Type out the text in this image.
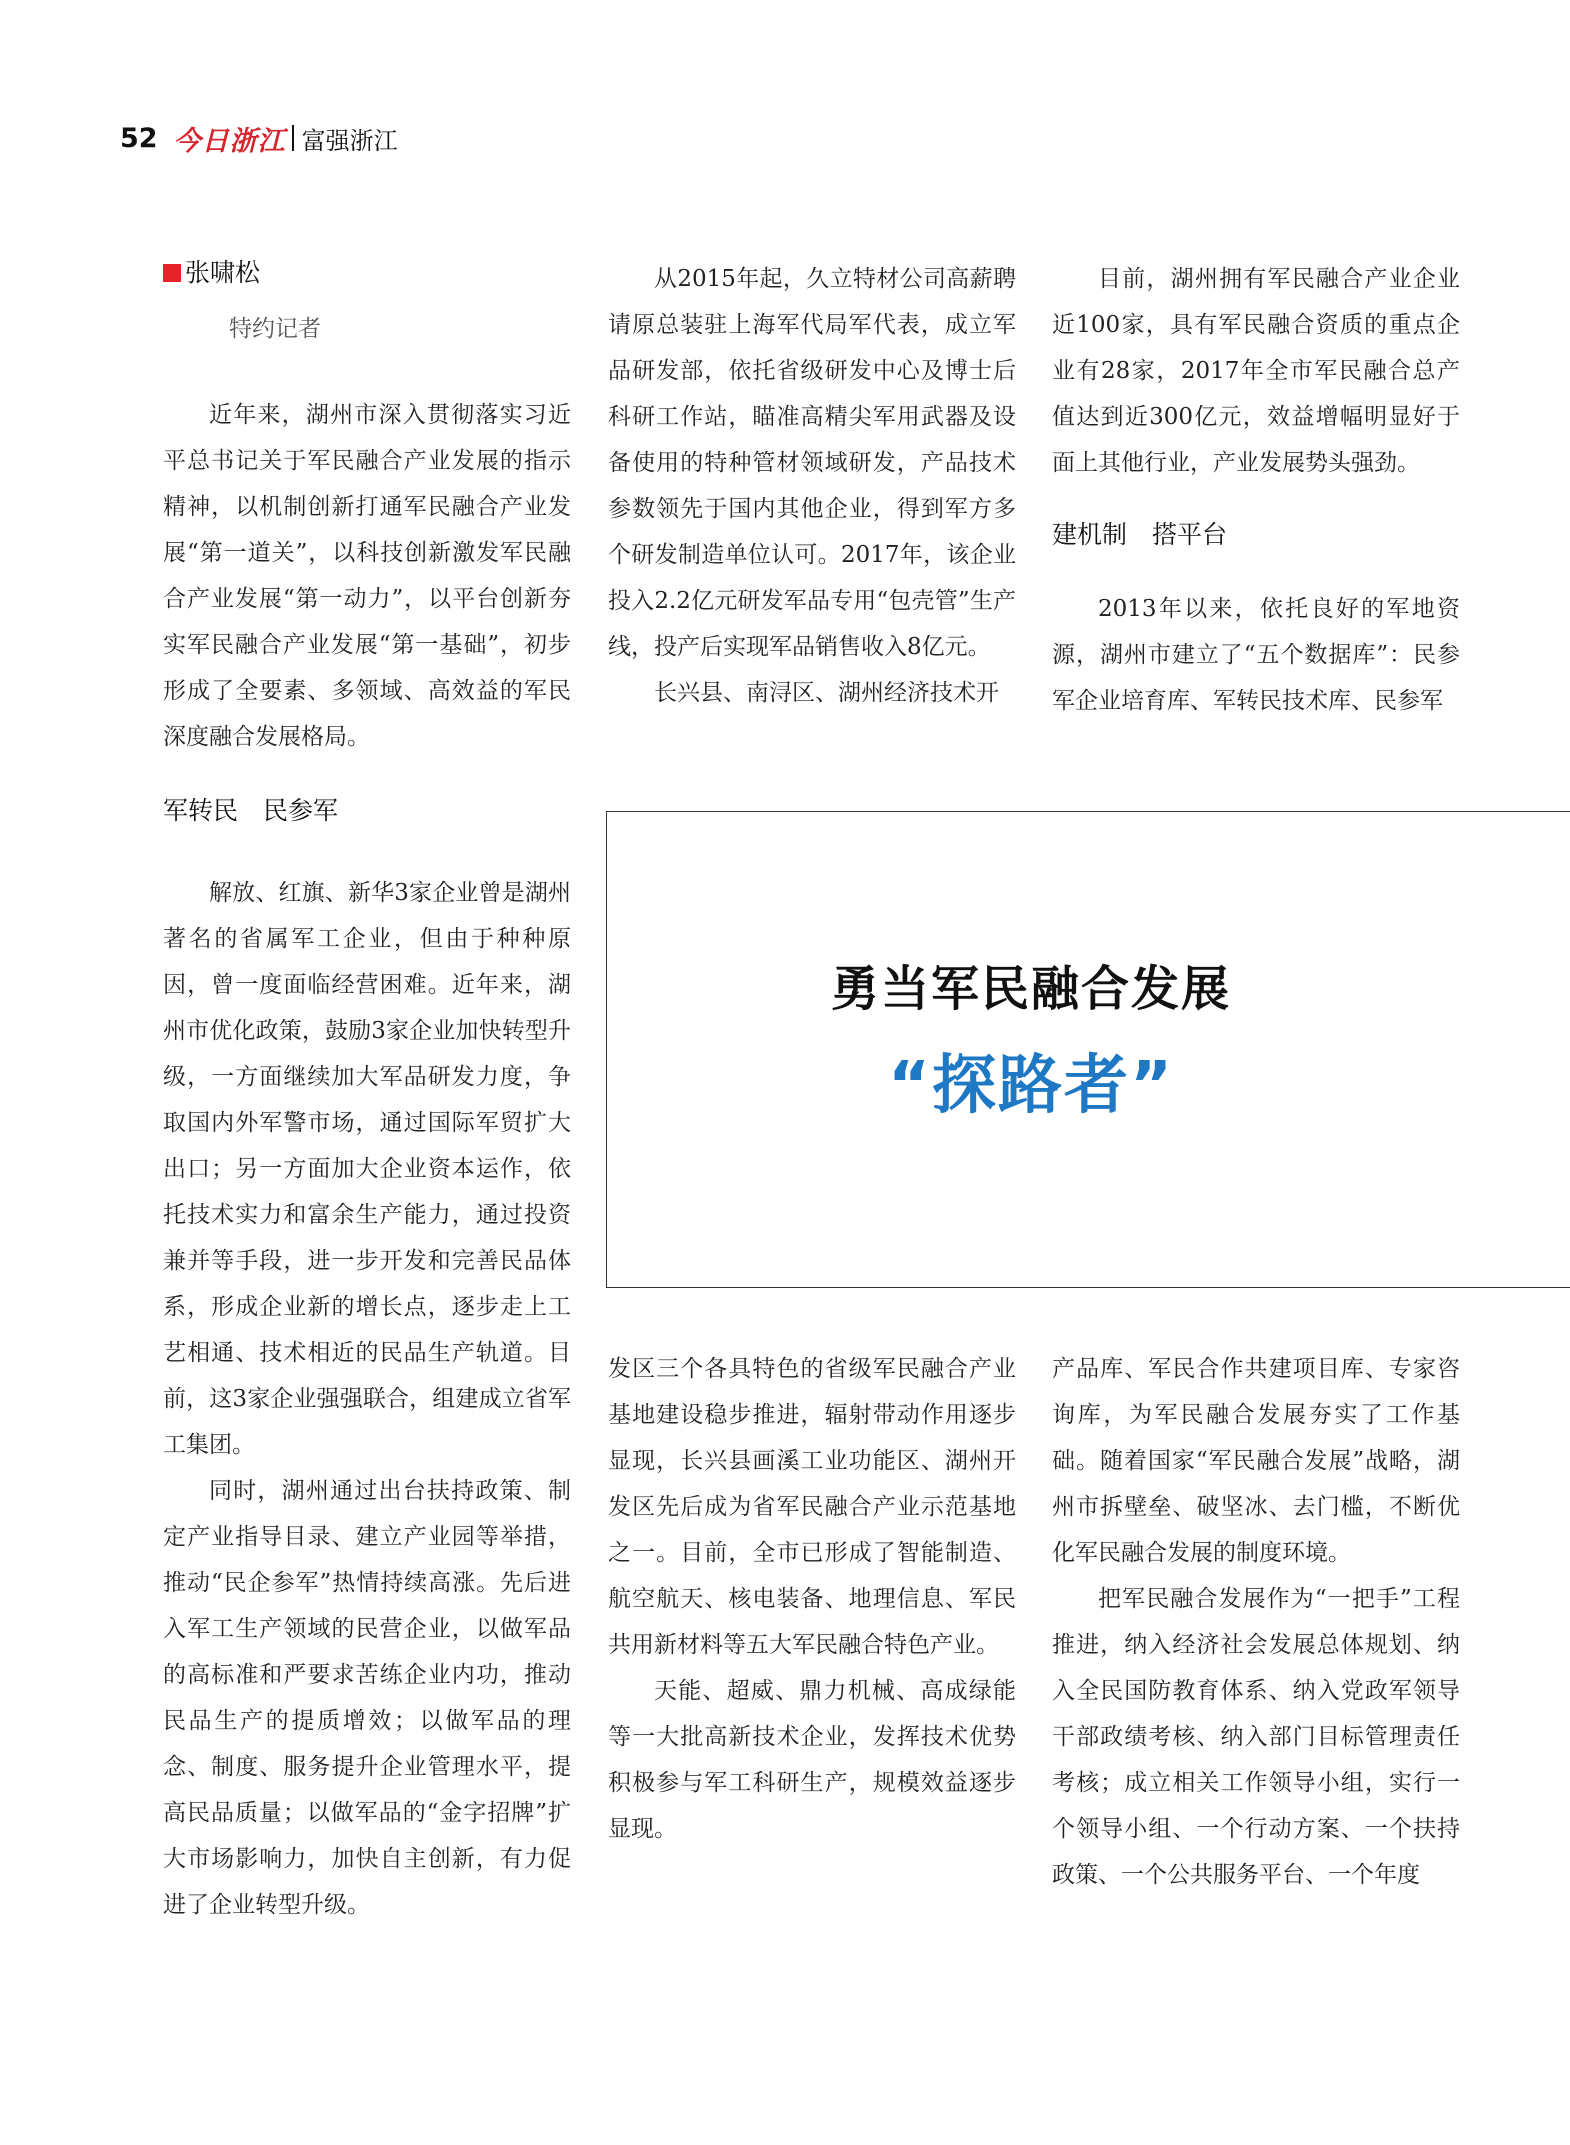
52 今日浙江 富强浙江
张啸松
特约记者

近年来，湖州市深入贯彻落实习近平总书记关于军民融合产业发展的指示精神，以机制创新打通军民融合产业发展“第一道关”，以科技创新激发军民融合产业发展“第一动力”，以平台创新夯实军民融合产业发展“第一基础”，初步形成了全要素、多领域、高效益的军民深度融合发展格局。

军转民　民参军

解放、红旗、新华3家企业曾是湖州著名的省属军工企业，但由于种种原因，曾一度面临经营困难。近年来，湖州市优化政策，鼓励3家企业加快转型升级，一方面继续加大军品研发力度，争取国内外军警市场，通过国际军贸扩大出口；另一方面加大企业资本运作，依托技术实力和富余生产能力，通过投资兼并等手段，进一步开发和完善民品体系，形成企业新的增长点，逐步走上工艺相通、技术相近的民品生产轨道。目前，这3家企业强强联合，组建成立省军工集团。

同时，湖州通过出台扶持政策、制定产业指导目录、建立产业园等举措，推动“民企参军”热情持续高涨。先后进入军工生产领域的民营企业，以做军品的高标准和严要求苦练企业内功，推动民品生产的提质增效；以做军品的理念、制度、服务提升企业管理水平，提高民品质量；以做军品的“金字招牌”扩大市场影响力，加快自主创新，有力促进了企业转型升级。

从2015年起，久立特材公司高薪聘请原总装驻上海军代局军代表，成立军品研发部，依托省级研发中心及博士后科研工作站，瞄准高精尖军用武器及设备使用的特种管材领域研发，产品技术参数领先于国内其他企业，得到军方多个研发制造单位认可。2017年，该企业投入2.2亿元研发军品专用“包壳管”生产线，投产后实现军品销售收入8亿元。

长兴县、南浔区、湖州经济技术开

目前，湖州拥有军民融合产业企业近100家，具有军民融合资质的重点企业有28家，2017年全市军民融合总产值达到近300亿元，效益增幅明显好于面上其他行业，产业发展势头强劲。

建机制　搭平台

2013年以来，依托良好的军地资源，湖州市建立了“五个数据库”：民参军企业培育库、军转民技术库、民参军

勇当军民融合发展
“探路者”

发区三个各具特色的省级军民融合产业基地建设稳步推进，辐射带动作用逐步显现，长兴县画溪工业功能区、湖州开发区先后成为省军民融合产业示范基地之一。目前，全市已形成了智能制造、航空航天、核电装备、地理信息、军民共用新材料等五大军民融合特色产业。

天能、超威、鼎力机械、高成绿能等一大批高新技术企业，发挥技术优势积极参与军工科研生产，规模效益逐步显现。

产品库、军民合作共建项目库、专家咨询库，为军民融合发展夯实了工作基础。随着国家“军民融合发展”战略，湖州市拆壁垒、破坚冰、去门槛，不断优化军民融合发展的制度环境。

把军民融合发展作为“一把手”工程推进，纳入经济社会发展总体规划、纳入全民国防教育体系、纳入党政军领导干部政绩考核、纳入部门目标管理责任考核；成立相关工作领导小组，实行一个领导小组、一个行动方案、一个扶持政策、一个公共服务平台、一个年度
